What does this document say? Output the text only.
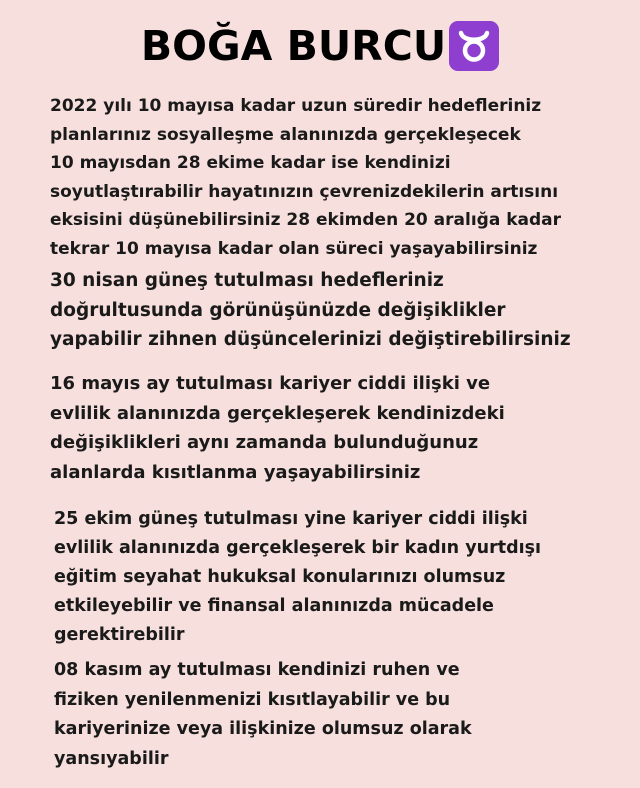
BOĞA BURCU
2022 yılı 10 mayısa kadar uzun süredir hedefleriniz
planlarınız sosyalleşme alanınızda gerçekleşecek
10 mayısdan 28 ekime kadar ise kendinizi
soyutlaştırabilir hayatınızın çevrenizdekilerin artısını
eksisini düşünebilirsiniz 28 ekimden 20 aralığa kadar
tekrar 10 mayısa kadar olan süreci yaşayabilirsiniz
30 nisan güneş tutulması hedefleriniz
doğrultusunda görünüşünüzde değişiklikler
yapabilir zihnen düşüncelerinizi değiştirebilirsiniz
16 mayıs ay tutulması kariyer ciddi ilişki ve
evlilik alanınızda gerçekleşerek kendinizdeki
değişiklikleri aynı zamanda bulunduğunuz
alanlarda kısıtlanma yaşayabilirsiniz
25 ekim güneş tutulması yine kariyer ciddi ilişki
evlilik alanınızda gerçekleşerek bir kadın yurtdışı
eğitim seyahat hukuksal konularınızı olumsuz
etkileyebilir ve finansal alanınızda mücadele
gerektirebilir
08 kasım ay tutulması kendinizi ruhen ve
fiziken yenilenmenizi kısıtlayabilir ve bu
kariyerinize veya ilişkinize olumsuz olarak
yansıyabilir
